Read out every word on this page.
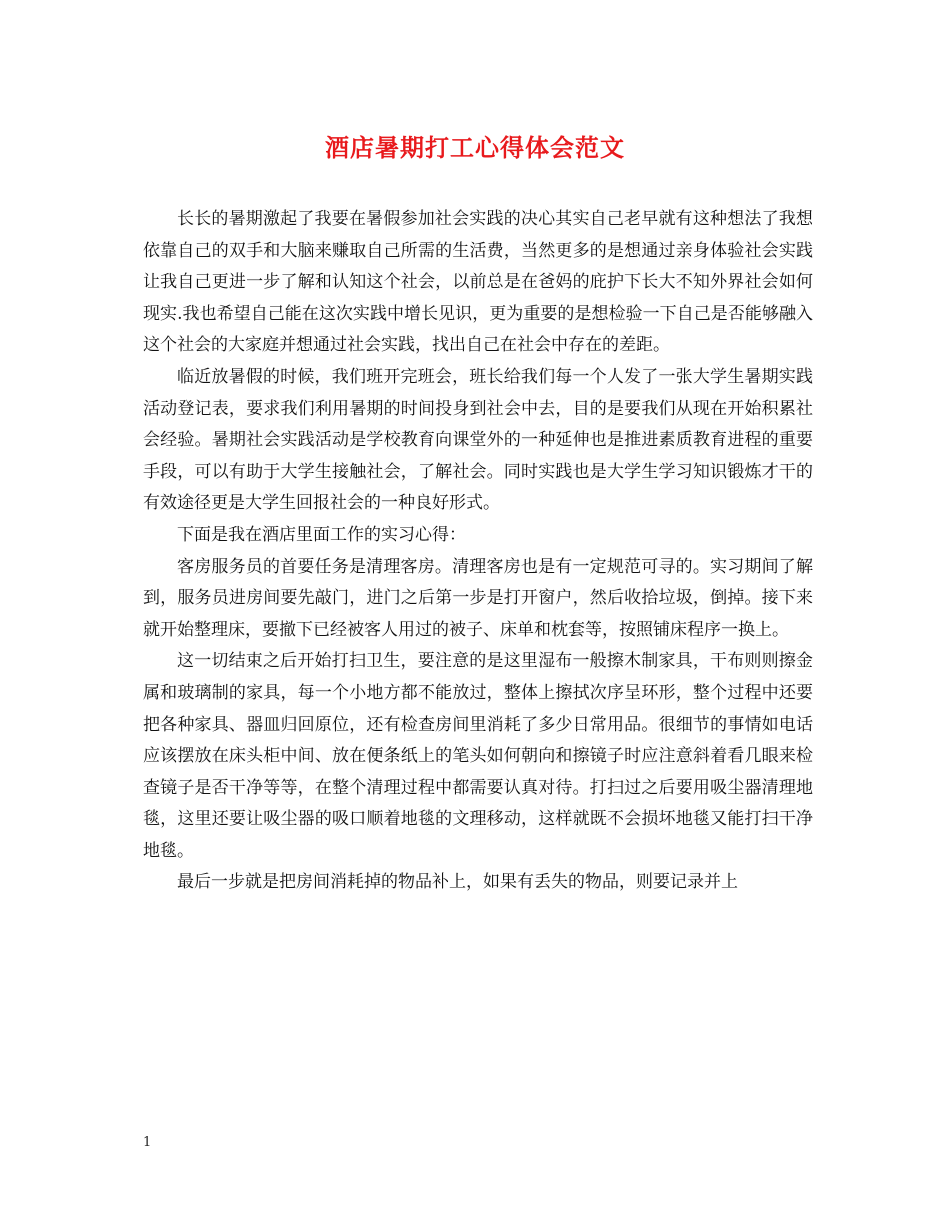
酒店暑期打工心得体会范文

长长的暑期激起了我要在暑假参加社会实践的决心其实自己老早就有这种想法了我想依靠自己的双手和大脑来赚取自己所需的生活费，当然更多的是想通过亲身体验社会实践让我自己更进一步了解和认知这个社会，以前总是在爸妈的庇护下长大不知外界社会如何现实.我也希望自己能在这次实践中增长见识，更为重要的是想检验一下自己是否能够融入这个社会的大家庭并想通过社会实践，找出自己在社会中存在的差距。

临近放暑假的时候，我们班开完班会，班长给我们每一个人发了一张大学生暑期实践活动登记表，要求我们利用暑期的时间投身到社会中去，目的是要我们从现在开始积累社会经验。暑期社会实践活动是学校教育向课堂外的一种延伸也是推进素质教育进程的重要手段，可以有助于大学生接触社会，了解社会。同时实践也是大学生学习知识锻炼才干的有效途径更是大学生回报社会的一种良好形式。

下面是我在酒店里面工作的实习心得：

客房服务员的首要任务是清理客房。清理客房也是有一定规范可寻的。实习期间了解到，服务员进房间要先敲门，进门之后第一步是打开窗户，然后收拾垃圾，倒掉。接下来就开始整理床，要撤下已经被客人用过的被子、床单和枕套等，按照铺床程序一换上。

这一切结束之后开始打扫卫生，要注意的是这里湿布一般擦木制家具，干布则则擦金属和玻璃制的家具，每一个小地方都不能放过，整体上擦拭次序呈环形，整个过程中还要把各种家具、器皿归回原位，还有检查房间里消耗了多少日常用品。很细节的事情如电话应该摆放在床头柜中间、放在便条纸上的笔头如何朝向和擦镜子时应注意斜着看几眼来检查镜子是否干净等等，在整个清理过程中都需要认真对待。打扫过之后要用吸尘器清理地毯，这里还要让吸尘器的吸口顺着地毯的文理移动，这样就既不会损坏地毯又能打扫干净地毯。

最后一步就是把房间消耗掉的物品补上，如果有丢失的物品，则要记录并上

1
